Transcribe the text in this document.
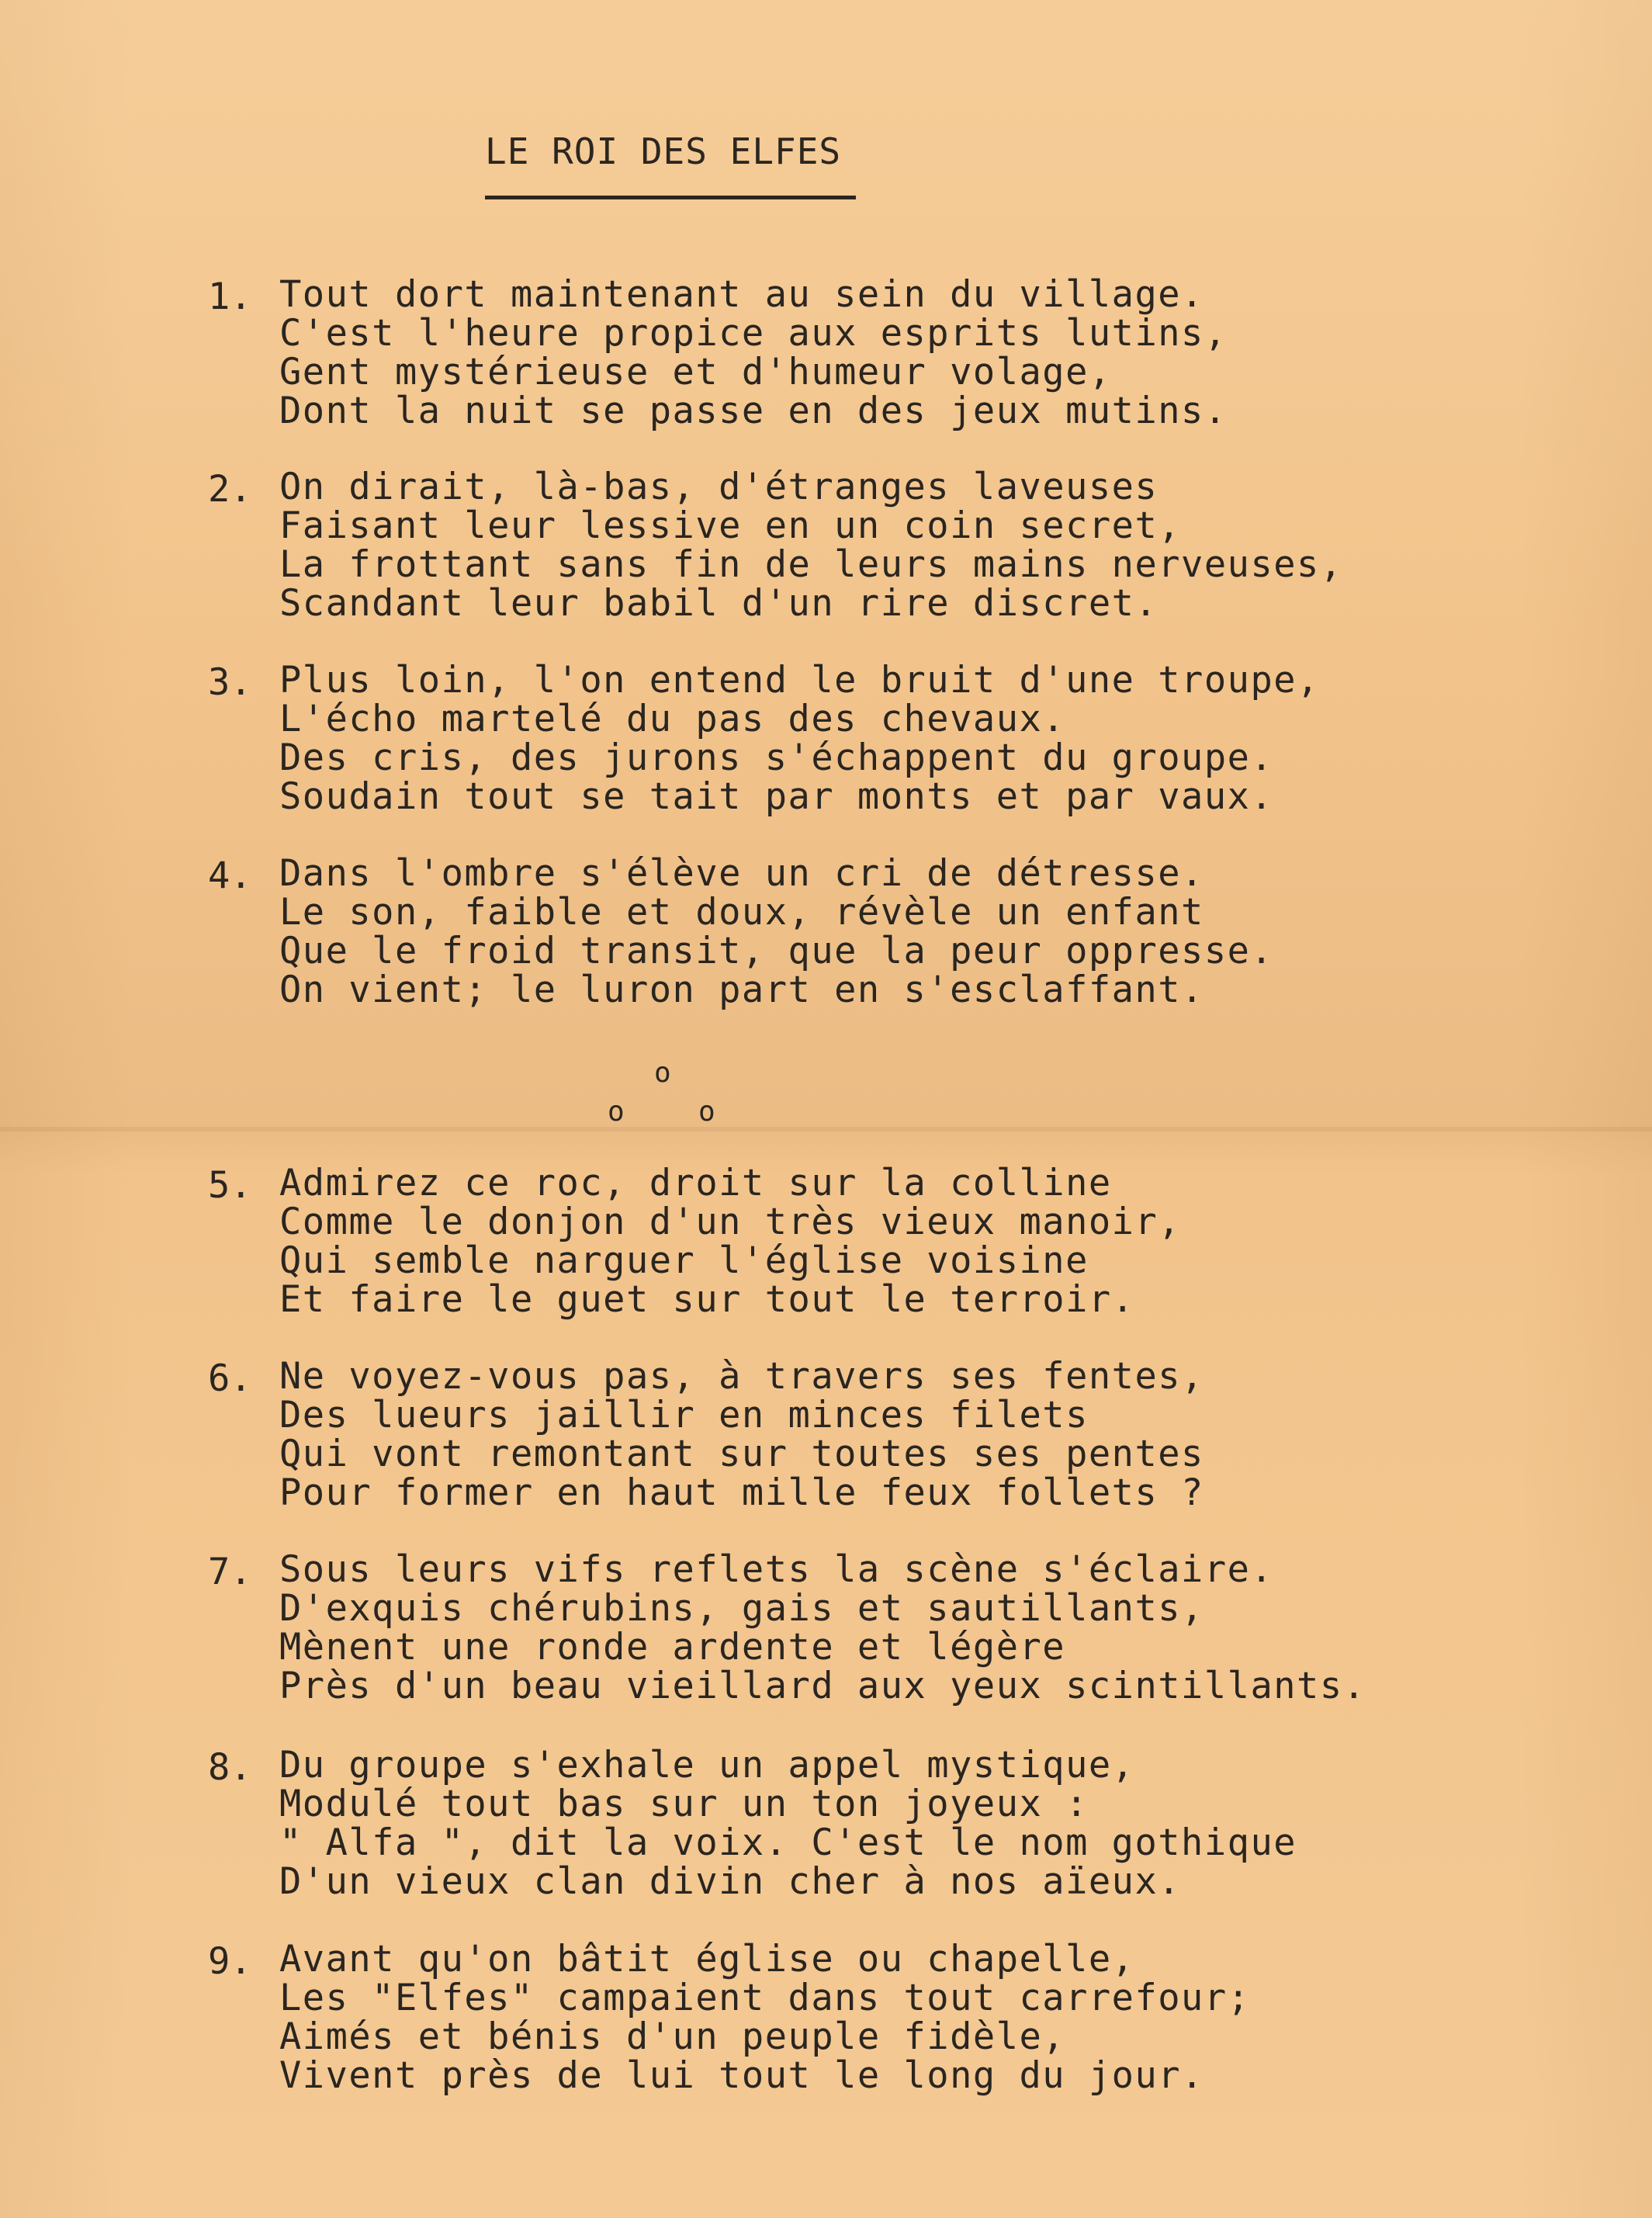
LE ROI DES ELFES
1. Tout dort maintenant au sein du village.
C'est l'heure propice aux esprits lutins,
Gent mystérieuse et d'humeur volage,
Dont la nuit se passe en des jeux mutins.
2. On dirait, là-bas, d'étranges laveuses
Faisant leur lessive en un coin secret,
La frottant sans fin de leurs mains nerveuses,
Scandant leur babil d'un rire discret.
3. Plus loin, l'on entend le bruit d'une troupe,
L'écho martelé du pas des chevaux.
Des cris, des jurons s'échappent du groupe.
Soudain tout se tait par monts et par vaux.
4. Dans l'ombre s'élève un cri de détresse.
Le son, faible et doux, révèle un enfant
Que le froid transit, que la peur oppresse.
On vient; le luron part en s'esclaffant.
o
o	o
5. Admirez ce roc, droit sur la colline
Comme le donjon d'un très vieux manoir,
Qui semble narguer l'église voisine
Et faire le guet sur tout le terroir.
6. Ne voyez-vous pas, à travers ses fentes,
Des lueurs jaillir en minces filets
Qui vont remontant sur toutes ses pentes
Pour former en haut mille feux follets ?
7. Sous leurs vifs reflets la scène s'éclaire.
D'exquis chérubins, gais et sautillants,
Mènent une ronde ardente et légère
Près d'un beau vieillard aux yeux scintillants.
8. Du groupe s'exhale un appel mystique,
Modulé tout bas sur un ton joyeux :
" Alfa ", dit la voix. C'est le nom gothique
D'un vieux clan divin cher à nos aïeux.
9. Avant qu'on bâtit église ou chapelle,
Les "Elfes" campaient dans tout carrefour;
Aimés et bénis d'un peuple fidèle,
Vivent près de lui tout le long du jour.
